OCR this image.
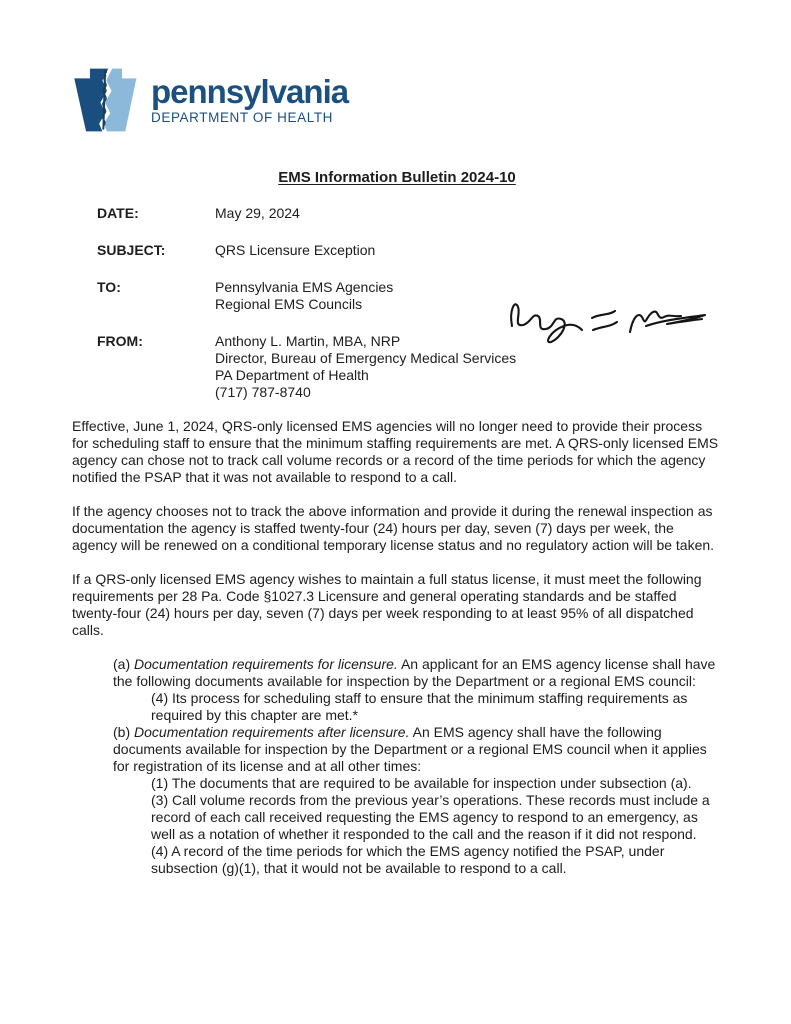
pennsylvania
DEPARTMENT OF HEALTH
EMS Information Bulletin 2024-10
DATE:	May 29, 2024
SUBJECT:	QRS Licensure Exception
TO:	Pennsylvania EMS Agencies
Regional EMS Councils
FROM:	Anthony L. Martin, MBA, NRP
Director, Bureau of Emergency Medical Services
PA Department of Health
(717) 787-8740

Effective, June 1, 2024, QRS-only licensed EMS agencies will no longer need to provide their process for scheduling staff to ensure that the minimum staffing requirements are met. A QRS-only licensed EMS agency can chose not to track call volume records or a record of the time periods for which the agency notified the PSAP that it was not available to respond to a call.

If the agency chooses not to track the above information and provide it during the renewal inspection as documentation the agency is staffed twenty-four (24) hours per day, seven (7) days per week, the agency will be renewed on a conditional temporary license status and no regulatory action will be taken.

If a QRS-only licensed EMS agency wishes to maintain a full status license, it must meet the following requirements per 28 Pa. Code §1027.3 Licensure and general operating standards and be staffed twenty-four (24) hours per day, seven (7) days per week responding to at least 95% of all dispatched calls.

(a) Documentation requirements for licensure. An applicant for an EMS agency license shall have the following documents available for inspection by the Department or a regional EMS council:

(4) Its process for scheduling staff to ensure that the minimum staffing requirements as required by this chapter are met.*

(b) Documentation requirements after licensure. An EMS agency shall have the following documents available for inspection by the Department or a regional EMS council when it applies for registration of its license and at all other times:

(1) The documents that are required to be available for inspection under subsection (a).

(3) Call volume records from the previous year’s operations. These records must include a record of each call received requesting the EMS agency to respond to an emergency, as well as a notation of whether it responded to the call and the reason if it did not respond.

(4) A record of the time periods for which the EMS agency notified the PSAP, under subsection (g)(1), that it would not be available to respond to a call.
